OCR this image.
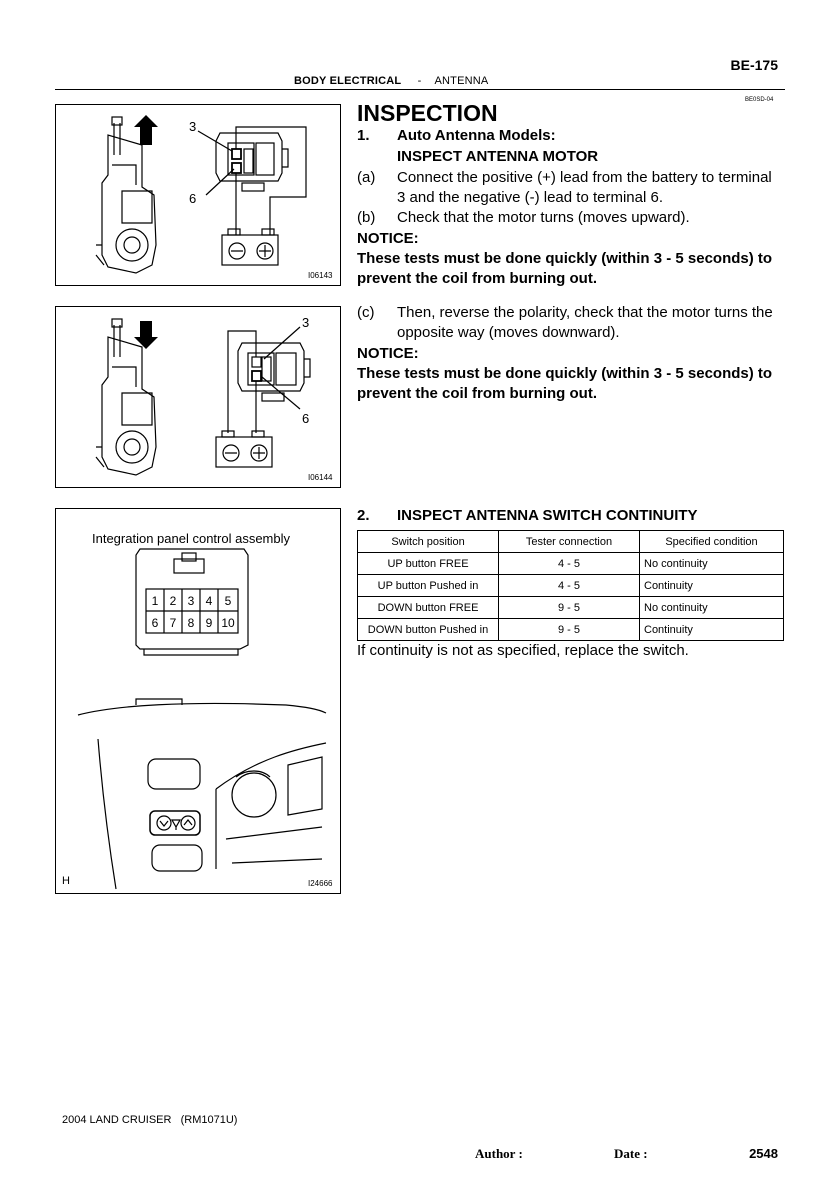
BE-175
BODY ELECTRICAL - ANTENNA
BE0SD-04
3
6
I06143
3
6
I06144
Integration panel control assembly
1 2 3 4	5
6 7 8 9 10
H	I24666
INSPECTION
1. Auto Antenna Models:
INSPECT ANTENNA MOTOR
(a) Connect the positive (+) lead from the battery to terminal
3 and the negative (-) lead to terminal 6.
(b) Check that the motor turns (moves upward).
NOTICE:
These tests must be done quickly (within 3 - 5 seconds) to
prevent the coil from burning out.
(c) Then, reverse the polarity, check that the motor turns the
opposite way (moves downward).
NOTICE:
These tests must be done quickly (within 3 - 5 seconds) to
prevent the coil from burning out.
2. INSPECT ANTENNA SWITCH CONTINUITY
Switch position	Tester connection	Specified condition
UP button FREE	4 - 5	No continuity
UP button Pushed in	4 - 5	Continuity
DOWN button FREE	9 - 5	No continuity
DOWN button Pushed in	9 - 5	Continuity
If continuity is not as specified, replace the switch.
2004 LAND CRUISER   (RM1071U)
Author :	Date :	2548
